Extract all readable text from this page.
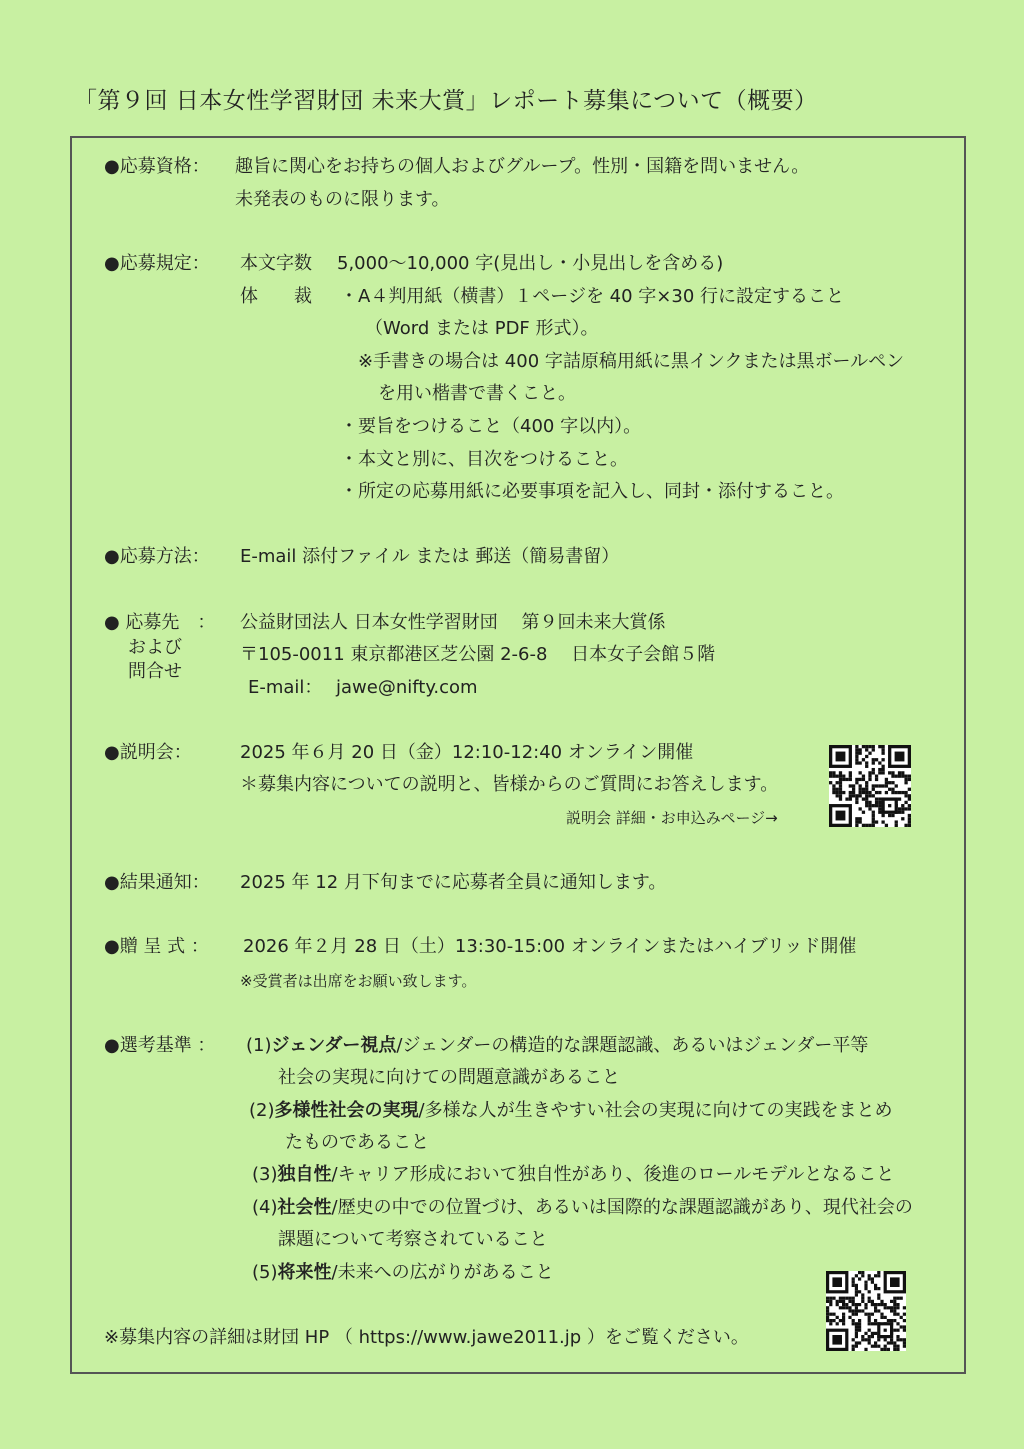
「第９回 日本女性学習財団 未来大賞」レポート募集について（概要）
●応募資格： 趣旨に関心をお持ちの個人およびグループ。性別・国籍を問いません。
未発表のものに限ります。
●応募規定： 本文字数 5,000～10,000 字(見出し・小見出しを含める)
体　　裁 ・A４判用紙（横書）１ページを 40 字×30 行に設定すること
（Word または PDF 形式）。
※手書きの場合は 400 字詰原稿用紙に黒インクまたは黒ボールペン
を用い楷書で書くこと。
・要旨をつけること（400 字以内）。
・本文と別に、目次をつけること。
・所定の応募用紙に必要事項を記入し、同封・添付すること。
●応募方法： E-mail 添付ファイル または 郵送（簡易書留）
● 応募先　：
および
問合せ
公益財団法人 日本女性学習財団　 第９回未来大賞係
〒105-0011 東京都港区芝公園 2-6-8　 日本女子会館５階
E-mail： jawe@nifty.com
●説明会：	2025 年６月 20 日（金）12:10-12:40 オンライン開催
＊募集内容についての説明と、皆様からのご質問にお答えします。
説明会 詳細・お申込みページ→
●結果通知： 2025 年 12 月下旬までに応募者全員に通知します。
●贈 呈 式 ： 2026 年２月 28 日（土）13:30-15:00 オンラインまたはハイブリッド開催
※受賞者は出席をお願い致します。
●選考基準 ： (1)ジェンダー視点/ジェンダーの構造的な課題認識、あるいはジェンダー平等
社会の実現に向けての問題意識があること
(2)多様性社会の実現/多様な人が生きやすい社会の実現に向けての実践をまとめ
たものであること
(3)独自性/キャリア形成において独自性があり、後進のロールモデルとなること
(4)社会性/歴史の中での位置づけ、あるいは国際的な課題認識があり、現代社会の
課題について考察されていること
(5)将来性/未来への広がりがあること
※募集内容の詳細は財団 HP （ https://www.jawe2011.jp ）をご覧ください。
